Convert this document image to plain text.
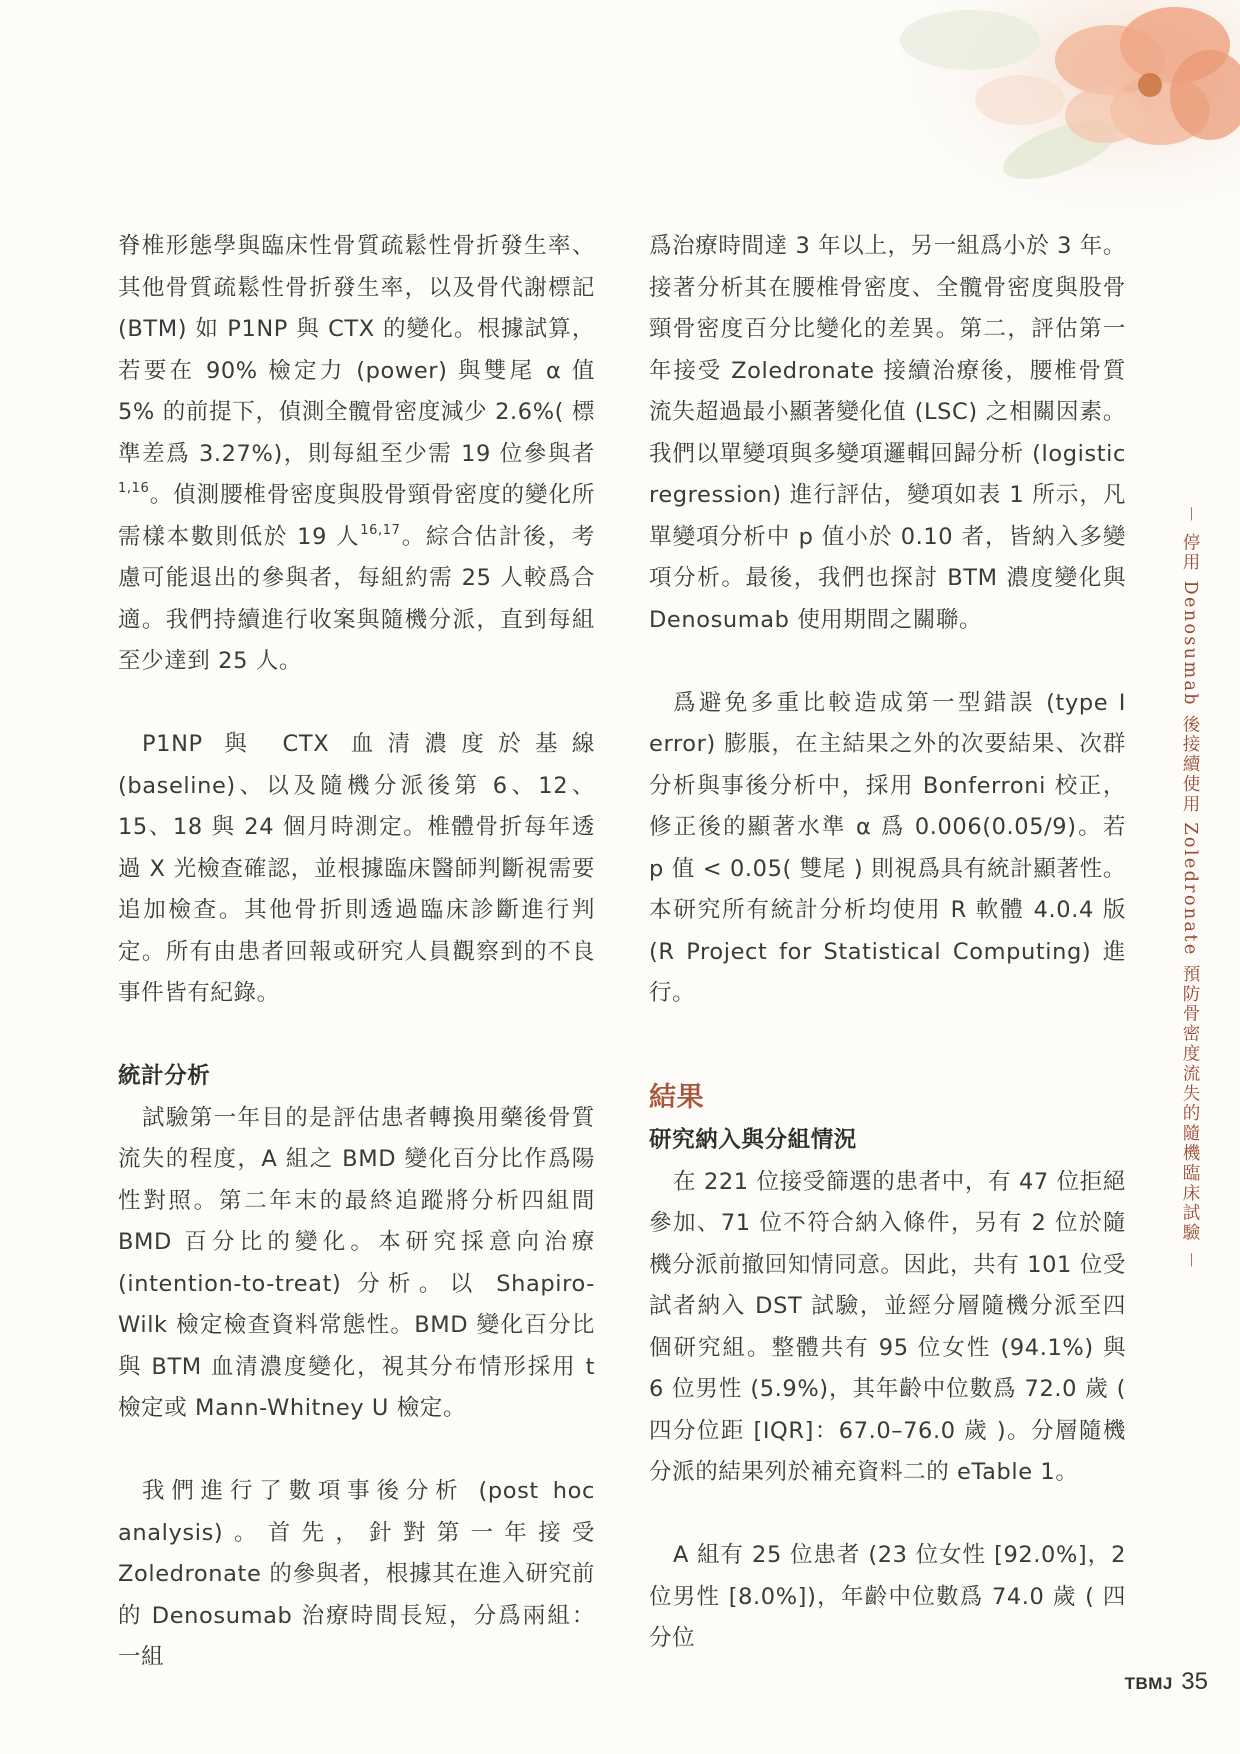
脊椎形態學與臨床性骨質疏鬆性骨折發生率、其他骨質疏鬆性骨折發生率，以及骨代謝標記 (BTM) 如 P1NP 與 CTX 的變化。根據試算，若要在 90% 檢定力 (power) 與雙尾 α 值 5% 的前提下，偵測全髖骨密度減少 2.6%( 標準差爲 3.27%)，則每組至少需 19 位參與者$^{1,16}$。偵測腰椎骨密度與股骨頸骨密度的變化所需樣本數則低於 19 人$^{16,17}$。綜合估計後，考慮可能退出的參與者，每組約需 25 人較爲合適。我們持續進行收案與隨機分派，直到每組至少達到 25 人。

P1NP 與 CTX 血清濃度於基線 (baseline)、以及隨機分派後第 6、12、15、18 與 24 個月時測定。椎體骨折每年透過 X 光檢查確認，並根據臨床醫師判斷視需要追加檢查。其他骨折則透過臨床診斷進行判定。所有由患者回報或研究人員觀察到的不良事件皆有紀錄。

統計分析

試驗第一年目的是評估患者轉換用藥後骨質流失的程度，A 組之 BMD 變化百分比作爲陽性對照。第二年末的最終追蹤將分析四組間 BMD 百分比的變化。本研究採意向治療 (intention-to-treat) 分析。以 Shapiro-Wilk 檢定檢查資料常態性。BMD 變化百分比與 BTM 血清濃度變化，視其分布情形採用 t 檢定或 Mann-Whitney U 檢定。

我們進行了數項事後分析 (post hoc analysis)。首先，針對第一年接受 Zoledronate 的參與者，根據其在進入研究前的 Denosumab 治療時間長短，分爲兩組：一組

爲治療時間達 3 年以上，另一組爲小於 3 年。接著分析其在腰椎骨密度、全髖骨密度與股骨頸骨密度百分比變化的差異。第二，評估第一年接受 Zoledronate 接續治療後，腰椎骨質流失超過最小顯著變化值 (LSC) 之相關因素。我們以單變項與多變項邏輯回歸分析 (logistic regression) 進行評估，變項如表 1 所示，凡單變項分析中 p 值小於 0.10 者，皆納入多變項分析。最後，我們也探討 BTM 濃度變化與 Denosumab 使用期間之關聯。

爲避免多重比較造成第一型錯誤 (type I error) 膨脹，在主結果之外的次要結果、次群分析與事後分析中，採用 Bonferroni 校正，修正後的顯著水準 α 爲 0.006(0.05/9)。若 p 值 < 0.05( 雙尾 ) 則視爲具有統計顯著性。本研究所有統計分析均使用 R 軟體 4.0.4 版 (R Project for Statistical Computing) 進行。

結果

研究納入與分組情況

在 221 位接受篩選的患者中，有 47 位拒絕參加、71 位不符合納入條件，另有 2 位於隨機分派前撤回知情同意。因此，共有 101 位受試者納入 DST 試驗，並經分層隨機分派至四個研究組。整體共有 95 位女性 (94.1%) 與 6 位男性 (5.9%)，其年齡中位數爲 72.0 歲 ( 四分位距 [IQR]：67.0–76.0 歲 )。分層隨機分派的結果列於補充資料二的 eTable 1。

A 組有 25 位患者 (23 位女性 [92.0%]，2 位男性 [8.0%])，年齡中位數爲 74.0 歲 ( 四分位

－ 停用 Denosumab 後接續使用 Zoledronate 預防骨密度流失的隨機臨床試驗 －
TBMJ 35
